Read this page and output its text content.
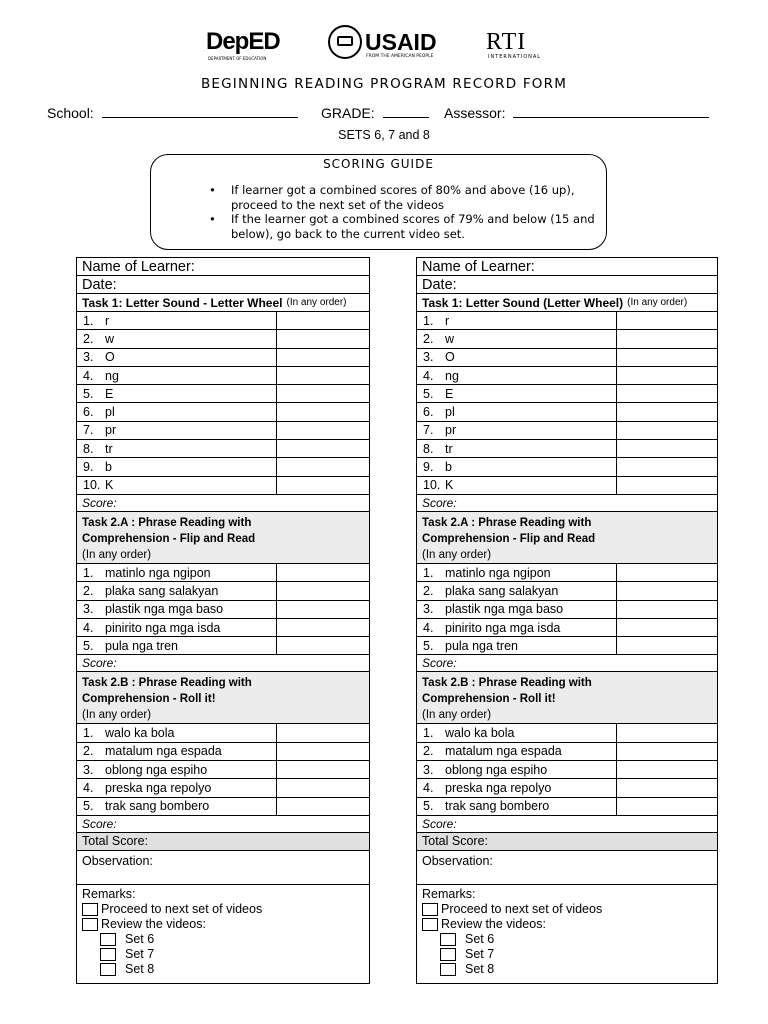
DepED
DEPARTMENT OF EDUCATION
USAID
FROM THE AMERICAN PEOPLE
RTI
INTERNATIONAL
BEGINNING READING PROGRAM RECORD FORM
School:	GRADE:	Assessor:
SETS 6, 7 and 8
SCORING GUIDE
• If learner got a combined scores of 80% and above (16 up), proceed to the next set of the videos
• If the learner got a combined scores of 79% and below (15 and below), go back to the current video set.
Name of Learner:
Date:
Task 1: Letter Sound - Letter Wheel (In any order)
1. r
2. w
3. O
4. ng
5. E
6. pl
7. pr
8. tr
9. b
10. K
Score:
Task 2.A : Phrase Reading with
Comprehension - Flip and Read
(In any order)
1. matinlo nga ngipon
2. plaka sang salakyan
3. plastik nga mga baso
4. pinirito nga mga isda
5. pula nga tren
Score:
Task 2.B : Phrase Reading with
Comprehension - Roll it!
(In any order)
1. walo ka bola
2. matalum nga espada
3. oblong nga espiho
4. preska nga repolyo
5. trak sang bombero
Score:
Total Score:
Observation:
Remarks:
Proceed to next set of videos
Review the videos:
Set 6
Set 7
Set 8
Name of Learner:
Date:
Task 1: Letter Sound (Letter Wheel) (In any order)
1. r
2. w
3. O
4. ng
5. E
6. pl
7. pr
8. tr
9. b
10. K
Score:
Task 2.A : Phrase Reading with
Comprehension - Flip and Read
(In any order)
1. matinlo nga ngipon
2. plaka sang salakyan
3. plastik nga mga baso
4. pinirito nga mga isda
5. pula nga tren
Score:
Task 2.B : Phrase Reading with
Comprehension - Roll it!
(In any order)
1. walo ka bola
2. matalum nga espada
3. oblong nga espiho
4. preska nga repolyo
5. trak sang bombero
Score:
Total Score:
Observation:
Remarks:
Proceed to next set of videos
Review the videos:
Set 6
Set 7
Set 8
